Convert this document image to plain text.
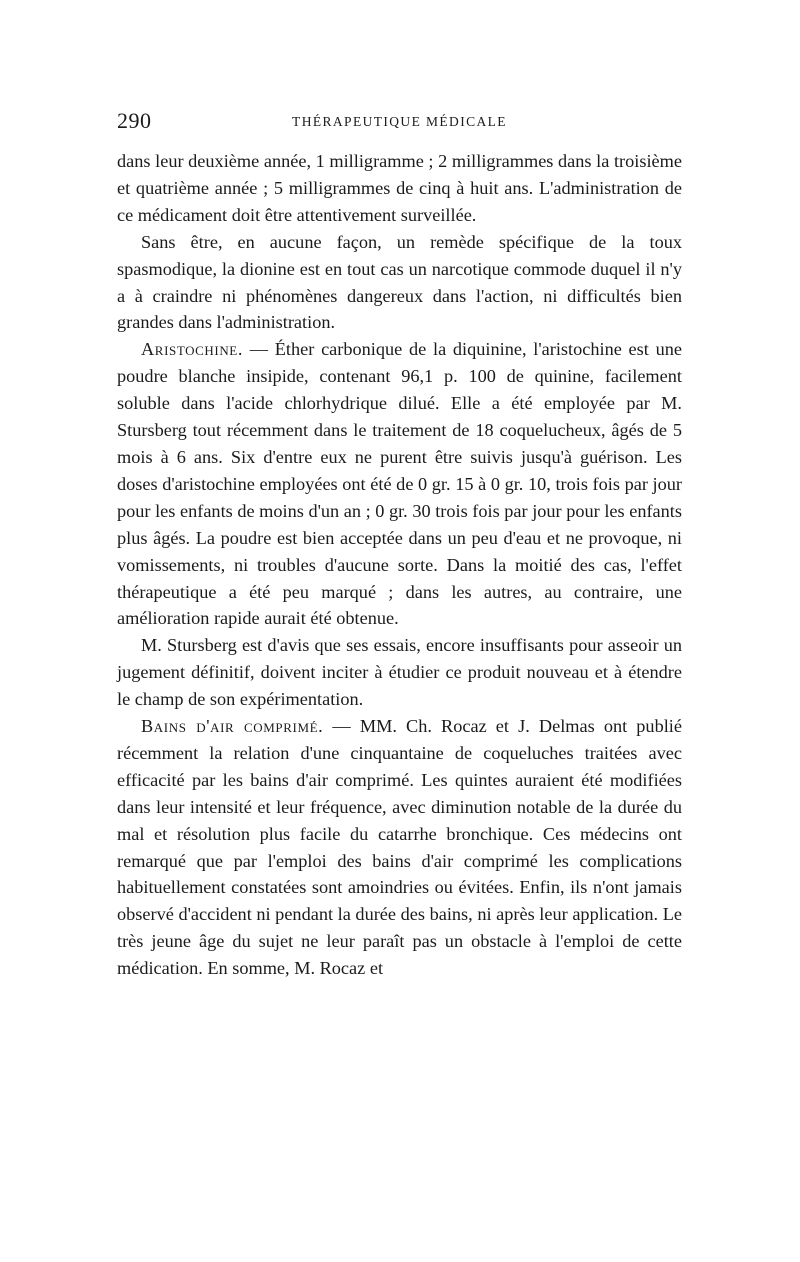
290	THÉRAPEUTIQUE MÉDICALE

dans leur deuxième année, 1 milligramme ; 2 milligrammes dans la troisième et quatrième année ; 5 milligrammes de cinq à huit ans. L'administration de ce médicament doit être attentivement surveillée.

Sans être, en aucune façon, un remède spécifique de la toux spasmodique, la dionine est en tout cas un narcotique commode duquel il n'y a à craindre ni phénomènes dangereux dans l'action, ni difficultés bien grandes dans l'administration.

Aristochine. — Éther carbonique de la diquinine, l'aristochine est une poudre blanche insipide, contenant 96,1 p. 100 de quinine, facilement soluble dans l'acide chlorhydrique dilué. Elle a été employée par M. Stursberg tout récemment dans le traitement de 18 coquelucheux, âgés de 5 mois à 6 ans. Six d'entre eux ne purent être suivis jusqu'à guérison. Les doses d'aristochine employées ont été de 0 gr. 15 à 0 gr. 10, trois fois par jour pour les enfants de moins d'un an ; 0 gr. 30 trois fois par jour pour les enfants plus âgés. La poudre est bien acceptée dans un peu d'eau et ne provoque, ni vomissements, ni troubles d'aucune sorte. Dans la moitié des cas, l'effet thérapeutique a été peu marqué ; dans les autres, au contraire, une amélioration rapide aurait été obtenue.

M. Stursberg est d'avis que ses essais, encore insuffisants pour asseoir un jugement définitif, doivent inciter à étudier ce produit nouveau et à étendre le champ de son expérimentation.

Bains d'air comprimé. — MM. Ch. Rocaz et J. Delmas ont publié récemment la relation d'une cinquantaine de coqueluches traitées avec efficacité par les bains d'air comprimé. Les quintes auraient été modifiées dans leur intensité et leur fréquence, avec diminution notable de la durée du mal et résolution plus facile du catarrhe bronchique. Ces médecins ont remarqué que par l'emploi des bains d'air comprimé les complications habituellement constatées sont amoindries ou évitées. Enfin, ils n'ont jamais observé d'accident ni pendant la durée des bains, ni après leur application. Le très jeune âge du sujet ne leur paraît pas un obstacle à l'emploi de cette médication. En somme, M. Rocaz et
